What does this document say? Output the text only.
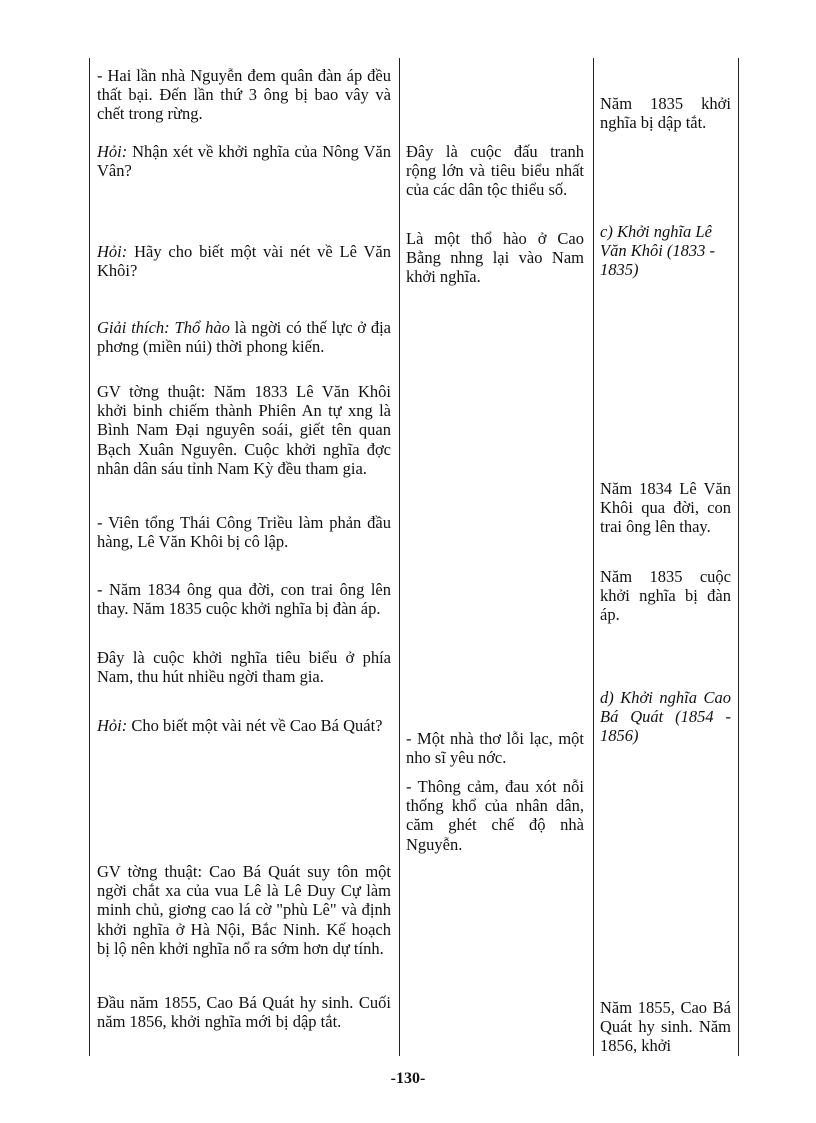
- Hai lần nhà Nguyễn đem quân đàn áp đều thất bại. Đến lần thứ 3 ông bị bao vây và chết trong rừng.

Hỏi: Nhận xét về khởi nghĩa của Nông Văn Vân?

Hỏi: Hãy cho biết một vài nét về Lê Văn Khôi?

Giải thích: Thổ hào là ngời có thế lực ở địa phơng (miền núi) thời phong kiến.

GV tờng thuật: Năm 1833 Lê Văn Khôi khởi binh chiếm thành Phiên An tự xng là Bình Nam Đại nguyên soái, giết tên quan Bạch Xuân Nguyên. Cuộc khởi nghĩa đợc nhân dân sáu tỉnh Nam Kỳ đều tham gia.

- Viên tổng Thái Công Triều làm phản đầu hàng, Lê Văn Khôi bị cô lập.

- Năm 1834 ông qua đời, con trai ông lên thay. Năm 1835 cuộc khởi nghĩa bị đàn áp.

Đây là cuộc khởi nghĩa tiêu biểu ở phía Nam, thu hút nhiều ngời tham gia.

Hỏi: Cho biết một vài nét về Cao Bá Quát?

GV tờng thuật: Cao Bá Quát suy tôn một ngời chắt xa của vua Lê là Lê Duy Cự làm minh chủ, giơng cao lá cờ "phù Lê" và định khởi nghĩa ở Hà Nội, Bắc Ninh. Kế hoạch bị lộ nên khởi nghĩa nổ ra sớm hơn dự tính.

Đầu năm 1855, Cao Bá Quát hy sinh. Cuối năm 1856, khởi nghĩa mới bị dập tắt.

Đây là cuộc đấu tranh rộng lớn và tiêu biểu nhất của các dân tộc thiểu số.

Là một thổ hào ở Cao Bằng nhng lại vào Nam khởi nghĩa.

- Một nhà thơ lỗi lạc, một nho sĩ yêu nớc.

- Thông cảm, đau xót nỗi thống khổ của nhân dân, căm ghét chế độ nhà Nguyễn.

Năm 1835 khởi nghĩa bị dập tắt.

c) Khởi nghĩa Lê Văn Khôi (1833 - 1835)

Năm 1834 Lê Văn Khôi qua đời, con trai ông lên thay.

Năm 1835 cuộc khởi nghĩa bị đàn áp.

d) Khởi nghĩa Cao Bá Quát (1854 - 1856)

Năm 1855, Cao Bá Quát hy sinh. Năm 1856, khởi

-130-
